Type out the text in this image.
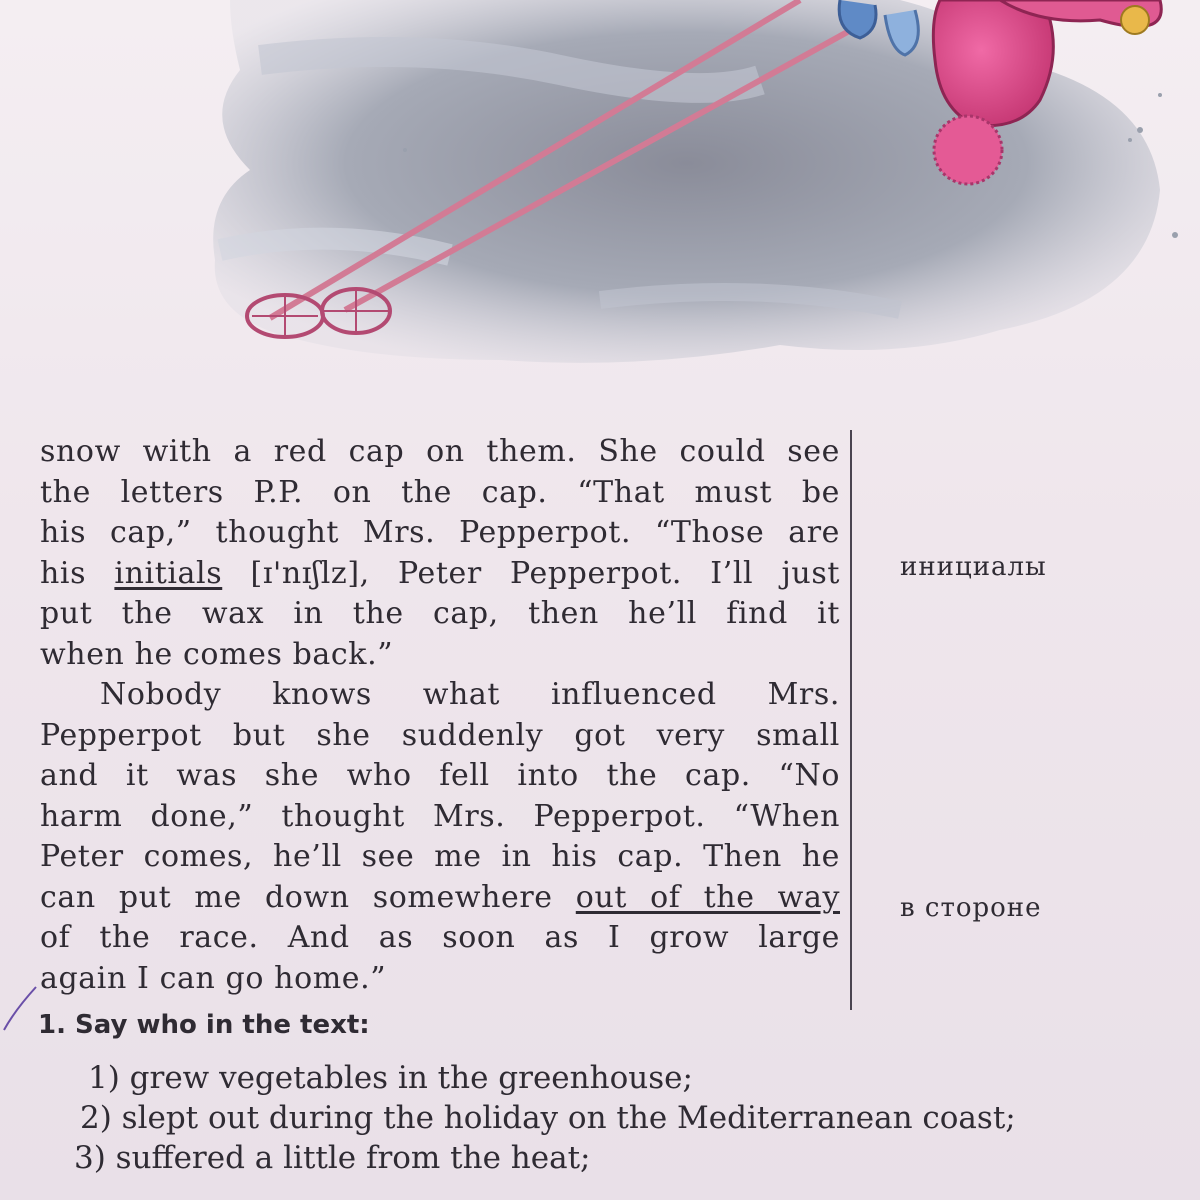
snow with a red cap on them. She could see
the letters P.P. on the cap. “That must be
his cap,” thought Mrs. Pepperpot. “Those are
his initials [ɪ'nɪʃlz], Peter Pepperpot. I’ll just
put the wax in the cap, then he’ll find it
when he comes back.”
Nobody knows what influenced Mrs.
Pepperpot but she suddenly got very small
and it was she who fell into the cap. “No
harm done,” thought Mrs. Pepperpot. “When
Peter comes, he’ll see me in his cap. Then he
can put me down somewhere out of the way
of the race. And as soon as I grow large
again I can go home.”
инициалы
в стороне
1. Say who in the text:
1) grew vegetables in the greenhouse;
2) slept out during the holiday on the Mediterranean coast;
3) suffered a little from the heat;
